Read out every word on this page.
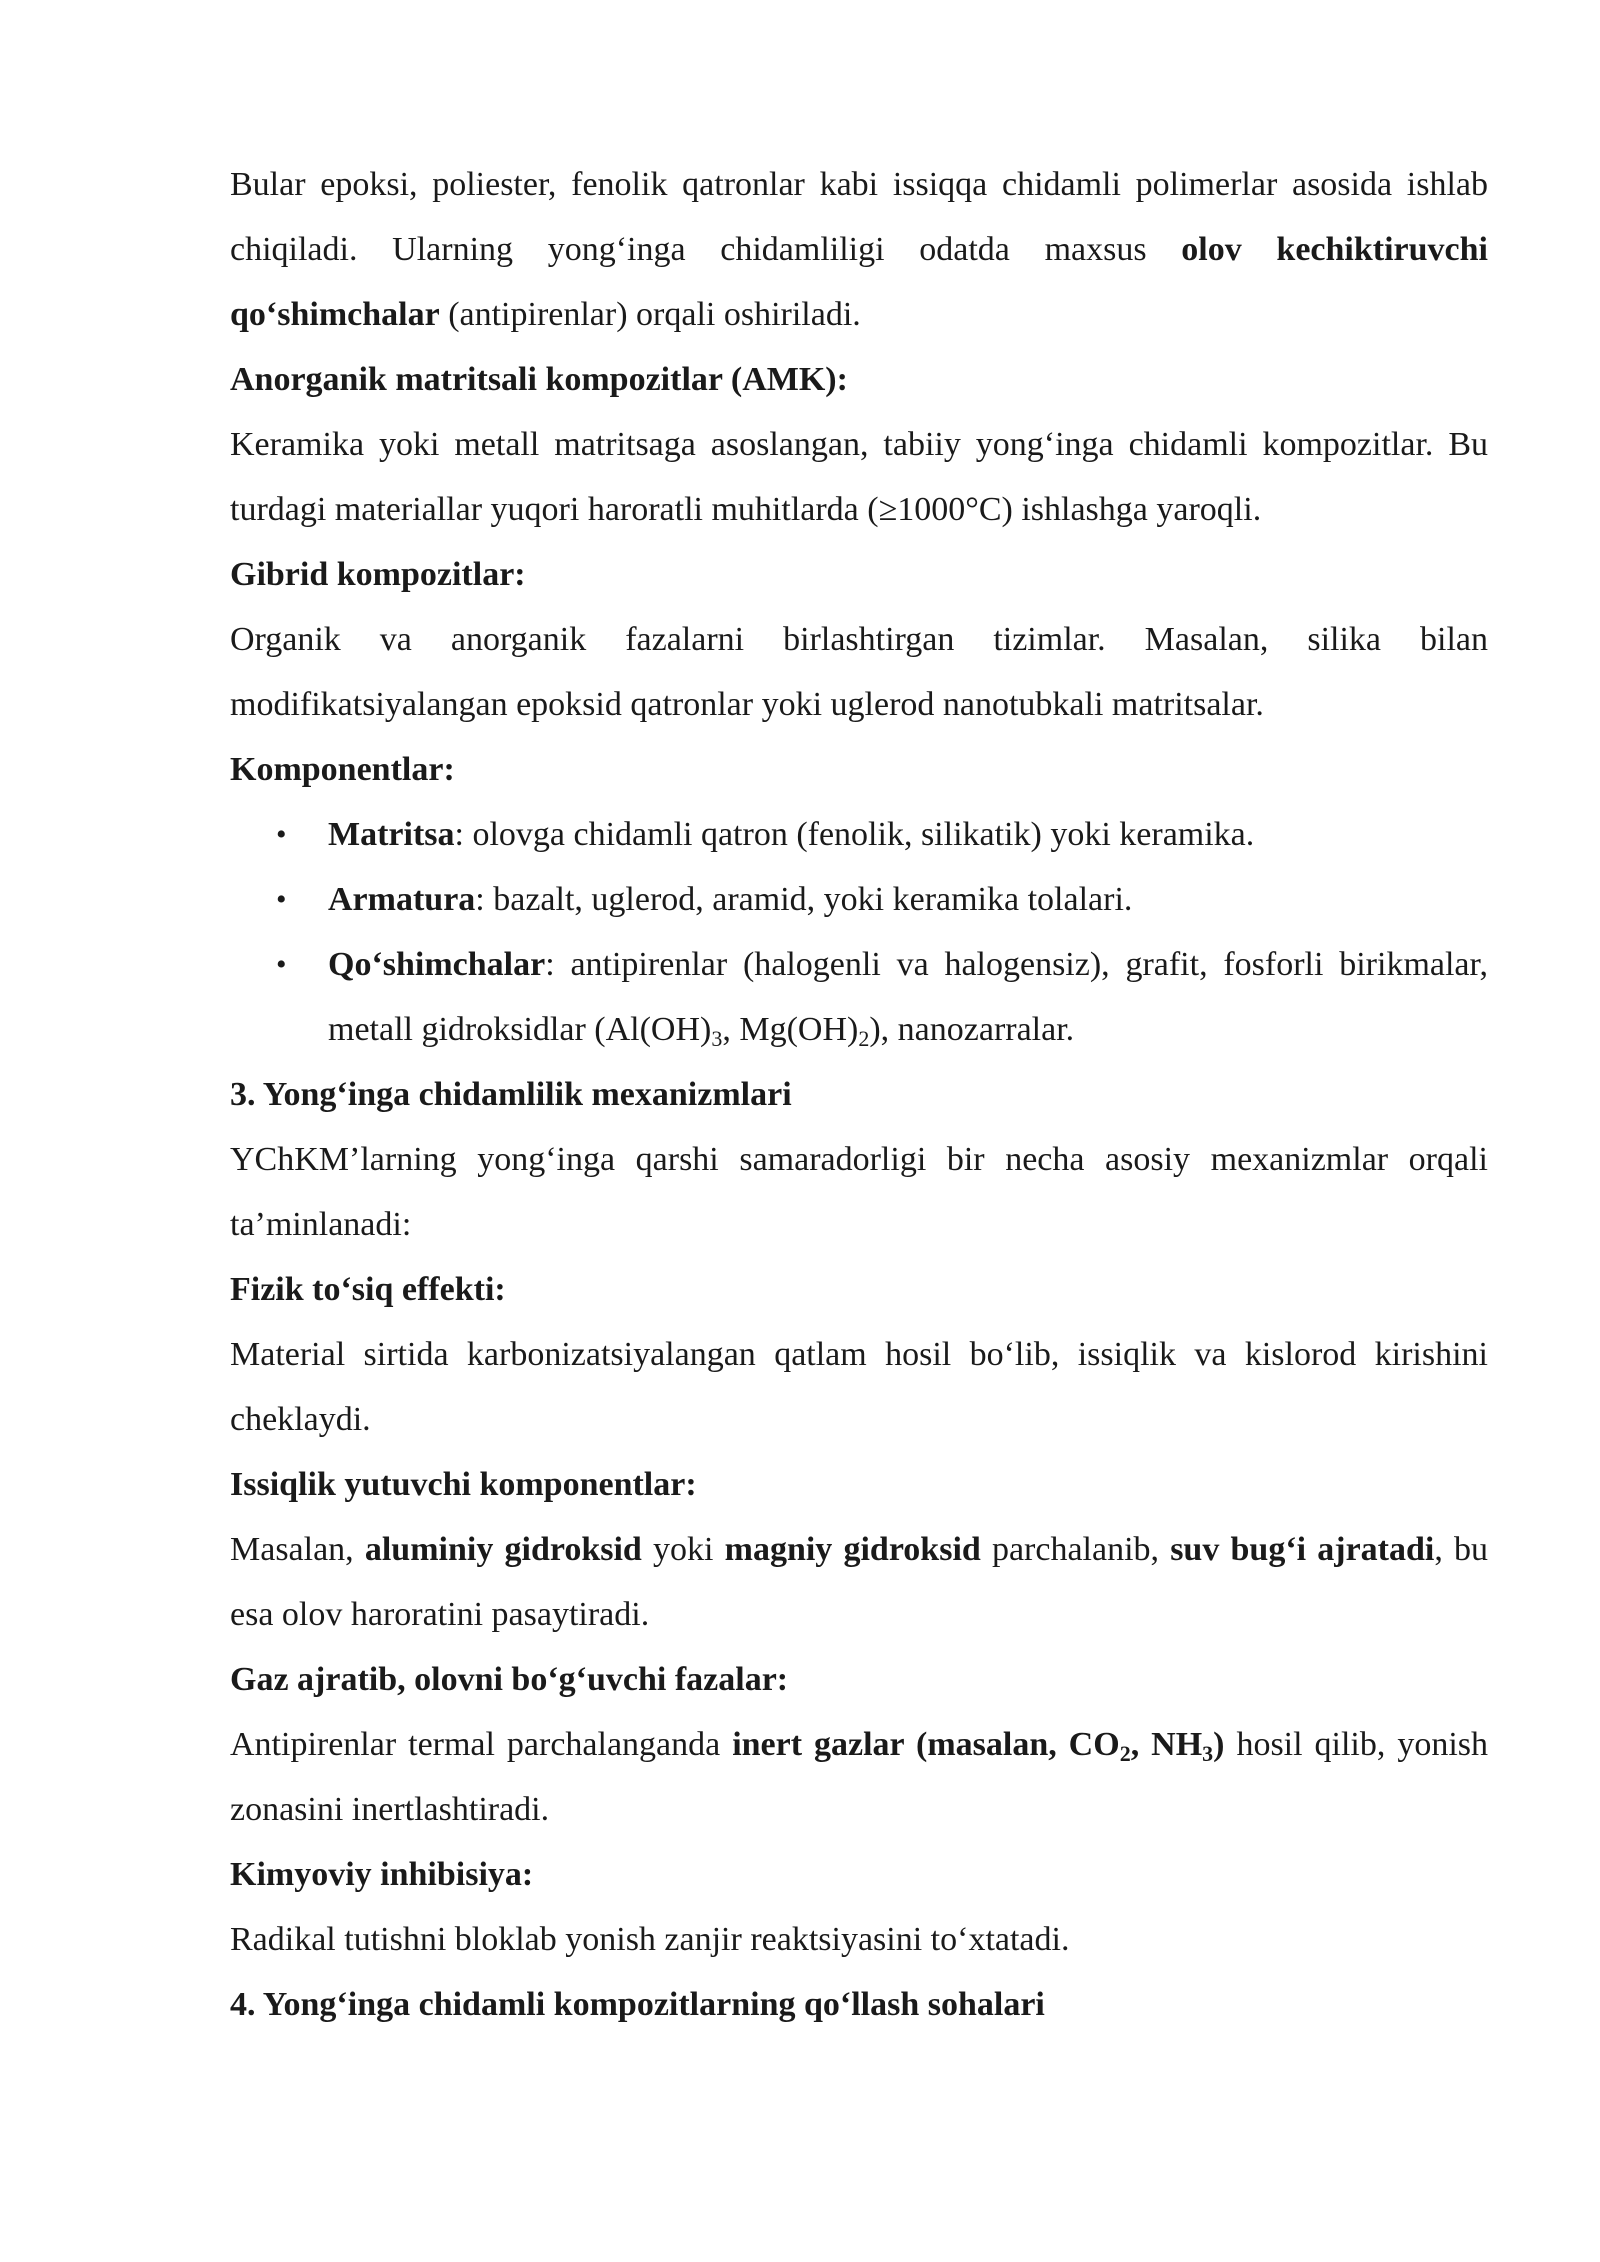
Bular epoksi, poliester, fenolik qatronlar kabi issiqqa chidamli polimerlar asosida ishlab chiqiladi. Ularning yong‘inga chidamliligi odatda maxsus olov kechiktiruvchi qo‘shimchalar (antipirenlar) orqali oshiriladi.

Anorganik matritsali kompozitlar (AMK):

Keramika yoki metall matritsaga asoslangan, tabiiy yong‘inga chidamli kompozitlar. Bu turdagi materiallar yuqori haroratli muhitlarda (≥1000°C) ishlashga yaroqli.

Gibrid kompozitlar:

Organik va anorganik fazalarni birlashtirgan tizimlar. Masalan, silika bilan modifikatsiyalangan epoksid qatronlar yoki uglerod nanotubkali matritsalar.

Komponentlar:

• Matritsa: olovga chidamli qatron (fenolik, silikatik) yoki keramika.
• Armatura: bazalt, uglerod, aramid, yoki keramika tolalari.
• Qo‘shimchalar: antipirenlar (halogenli va halogensiz), grafit, fosforli birikmalar, metall gidroksidlar ($Al(OH)_3$, $Mg(OH)_2$), nanozarralar.

3. Yong‘inga chidamlilik mexanizmlari

YChKM’larning yong‘inga qarshi samaradorligi bir necha asosiy mexanizmlar orqali ta’minlanadi:

Fizik to‘siq effekti:

Material sirtida karbonizatsiyalangan qatlam hosil bo‘lib, issiqlik va kislorod kirishini cheklaydi.

Issiqlik yutuvchi komponentlar:

Masalan, aluminiy gidroksid yoki magniy gidroksid parchalanib, suv bug‘i ajratadi, bu esa olov haroratini pasaytiradi.

Gaz ajratib, olovni bo‘g‘uvchi fazalar:

Antipirenlar termal parchalanganda inert gazlar (masalan, $CO_2$, $NH_3$) hosil qilib, yonish zonasini inertlashtiradi.

Kimyoviy inhibisiya:

Radikal tutishni bloklab yonish zanjir reaktsiyasini to‘xtatadi.

4. Yong‘inga chidamli kompozitlarning qo‘llash sohalari
